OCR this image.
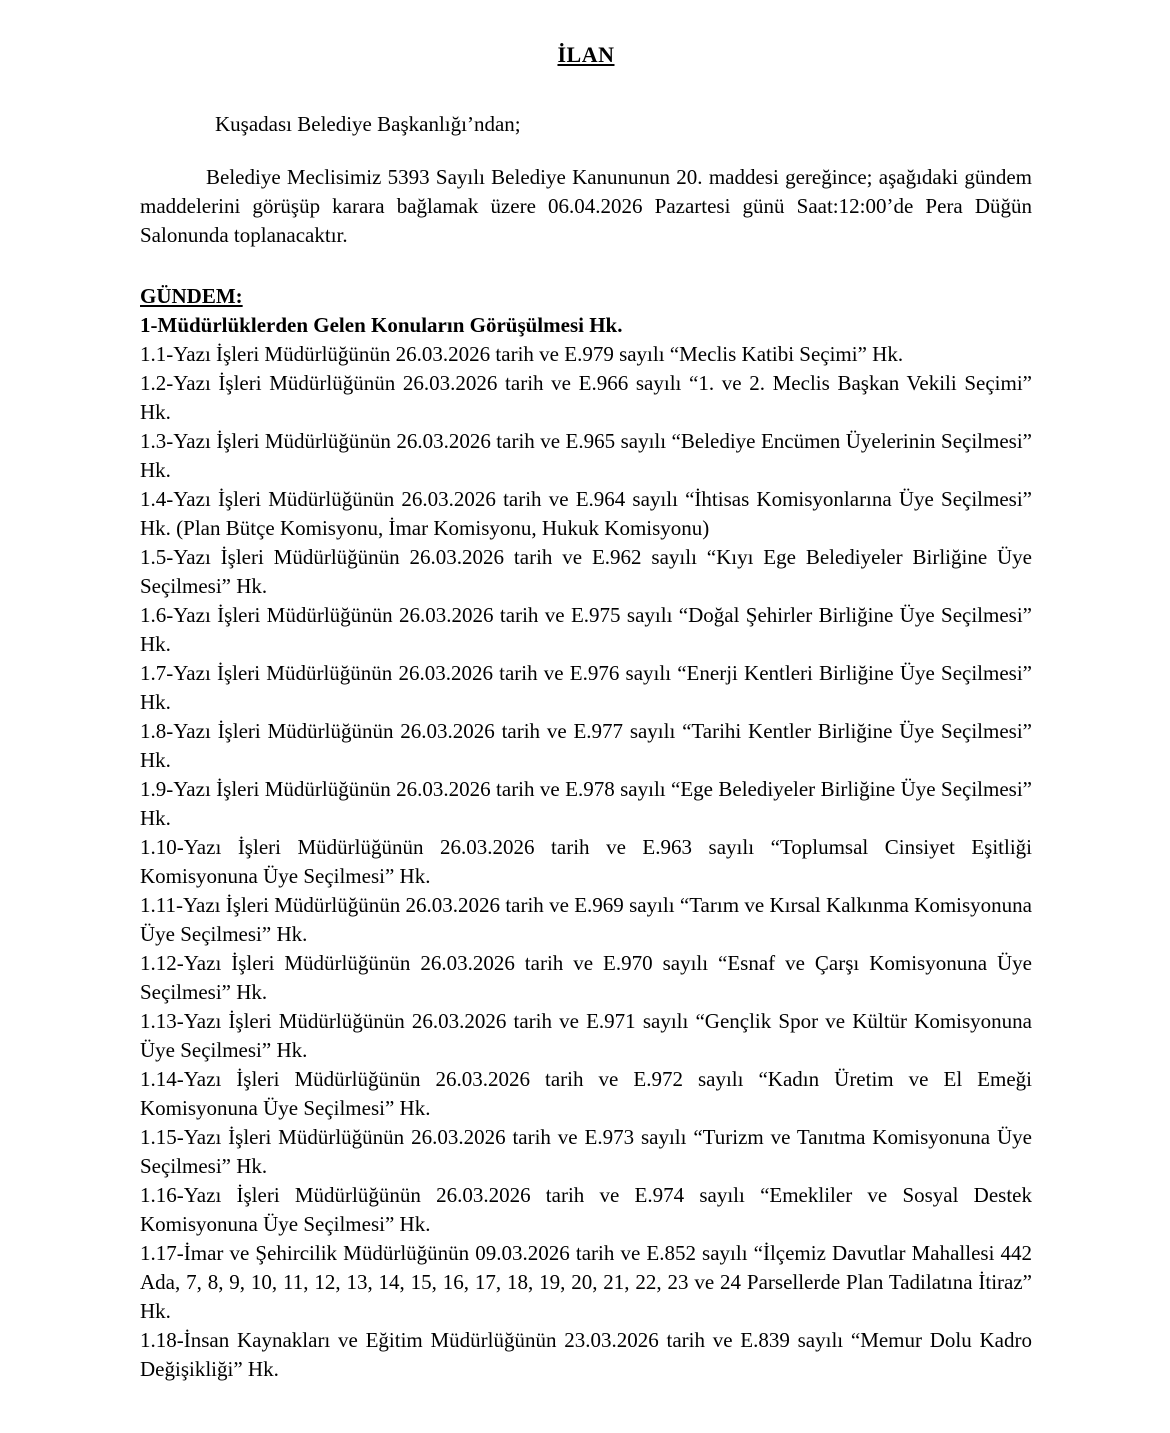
İLAN

Kuşadası Belediye Başkanlığı’ndan;

Belediye Meclisimiz 5393 Sayılı Belediye Kanununun 20. maddesi gereğince; aşağıdaki gündem maddelerini görüşüp karara bağlamak üzere 06.04.2026 Pazartesi günü Saat:12:00’de Pera Düğün Salonunda toplanacaktır.

GÜNDEM:

1-Müdürlüklerden Gelen Konuların Görüşülmesi Hk.

1.1-Yazı İşleri Müdürlüğünün 26.03.2026 tarih ve E.979 sayılı “Meclis Katibi Seçimi” Hk.

1.2-Yazı İşleri Müdürlüğünün 26.03.2026 tarih ve E.966 sayılı “1. ve 2. Meclis Başkan Vekili Seçimi” Hk.

1.3-Yazı İşleri Müdürlüğünün 26.03.2026 tarih ve E.965 sayılı “Belediye Encümen Üyelerinin Seçilmesi” Hk.

1.4-Yazı İşleri Müdürlüğünün 26.03.2026 tarih ve E.964 sayılı “İhtisas Komisyonlarına Üye Seçilmesi” Hk. (Plan Bütçe Komisyonu, İmar Komisyonu, Hukuk Komisyonu)

1.5-Yazı İşleri Müdürlüğünün 26.03.2026 tarih ve E.962 sayılı “Kıyı Ege Belediyeler Birliğine Üye Seçilmesi” Hk.

1.6-Yazı İşleri Müdürlüğünün 26.03.2026 tarih ve E.975 sayılı “Doğal Şehirler Birliğine Üye Seçilmesi” Hk.

1.7-Yazı İşleri Müdürlüğünün 26.03.2026 tarih ve E.976 sayılı “Enerji Kentleri Birliğine Üye Seçilmesi” Hk.

1.8-Yazı İşleri Müdürlüğünün 26.03.2026 tarih ve E.977 sayılı “Tarihi Kentler Birliğine Üye Seçilmesi” Hk.

1.9-Yazı İşleri Müdürlüğünün 26.03.2026 tarih ve E.978 sayılı “Ege Belediyeler Birliğine Üye Seçilmesi” Hk.

1.10-Yazı İşleri Müdürlüğünün 26.03.2026 tarih ve E.963 sayılı “Toplumsal Cinsiyet Eşitliği Komisyonuna Üye Seçilmesi” Hk.

1.11-Yazı İşleri Müdürlüğünün 26.03.2026 tarih ve E.969 sayılı “Tarım ve Kırsal Kalkınma Komisyonuna Üye Seçilmesi” Hk.

1.12-Yazı İşleri Müdürlüğünün 26.03.2026 tarih ve E.970 sayılı “Esnaf ve Çarşı Komisyonuna Üye Seçilmesi” Hk.

1.13-Yazı İşleri Müdürlüğünün 26.03.2026 tarih ve E.971 sayılı “Gençlik Spor ve Kültür Komisyonuna Üye Seçilmesi” Hk.

1.14-Yazı İşleri Müdürlüğünün 26.03.2026 tarih ve E.972 sayılı “Kadın Üretim ve El Emeği Komisyonuna Üye Seçilmesi” Hk.

1.15-Yazı İşleri Müdürlüğünün 26.03.2026 tarih ve E.973 sayılı “Turizm ve Tanıtma Komisyonuna Üye Seçilmesi” Hk.

1.16-Yazı İşleri Müdürlüğünün 26.03.2026 tarih ve E.974 sayılı “Emekliler ve Sosyal Destek Komisyonuna Üye Seçilmesi” Hk.

1.17-İmar ve Şehircilik Müdürlüğünün 09.03.2026 tarih ve E.852 sayılı “İlçemiz Davutlar Mahallesi 442 Ada, 7, 8, 9, 10, 11, 12, 13, 14, 15, 16, 17, 18, 19, 20, 21, 22, 23 ve 24 Parsellerde Plan Tadilatına İtiraz” Hk.

1.18-İnsan Kaynakları ve Eğitim Müdürlüğünün 23.03.2026 tarih ve E.839 sayılı “Memur Dolu Kadro Değişikliği” Hk.
